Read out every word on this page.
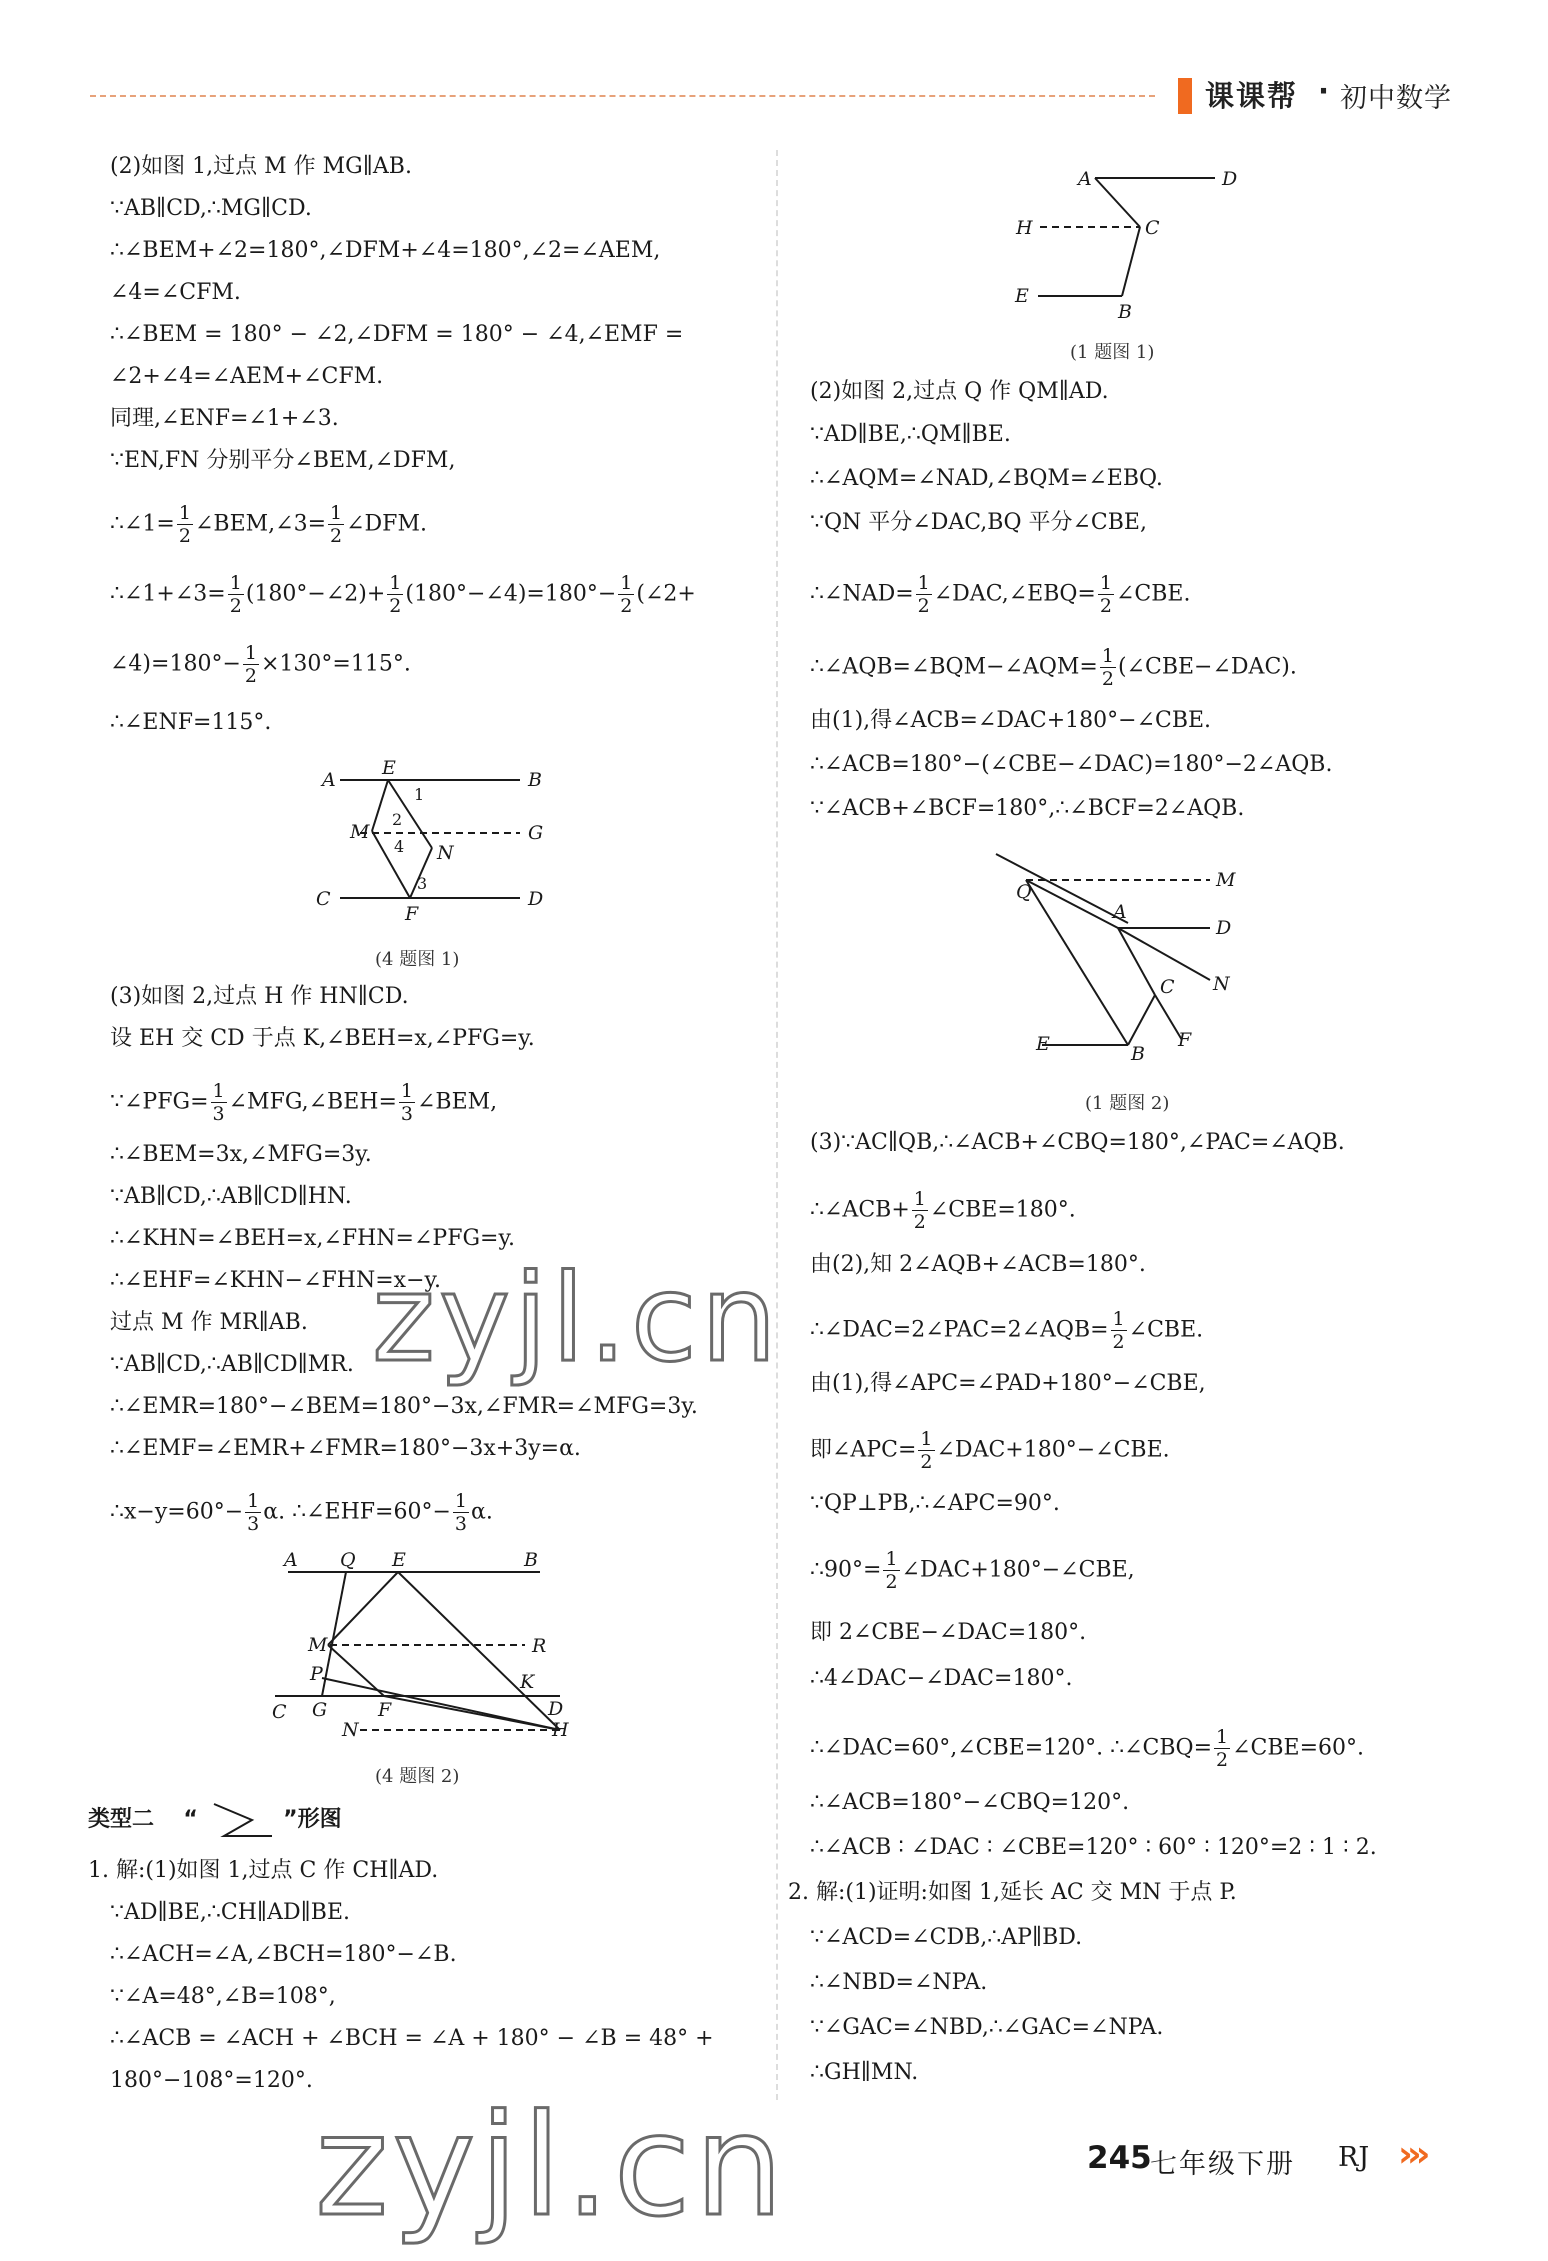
课课帮 · 初中数学
(2)如图 1,过点 M 作 MG∥AB.
∵AB∥CD,∴MG∥CD.
∴∠BEM+∠2=180°,∠DFM+∠4=180°,∠2=∠AEM,
∠4=∠CFM.
∴∠BEM = 180° − ∠2,∠DFM = 180° − ∠4,∠EMF =
∠2+∠4=∠AEM+∠CFM.
同理,∠ENF=∠1+∠3.
∵EN,FN 分别平分∠BEM,∠DFM,
∴∠1= $\frac{1}{2}$ ∠BEM,∠3= $\frac{1}{2}$ ∠DFM.
∴∠1+∠3= $\frac{1}{2}$ (180°−∠2)+ $\frac{1}{2}$ (180°−∠4)=180°− $\frac{1}{2}$ (∠2+
∠4)=180°− $\frac{1}{2} \times 130^\circ=115^\circ$.
∴∠ENF=115°.
A
E
B
M	G
N
C
F
D
1
2
3
4
(4 题图 1)
(3)如图 2,过点 H 作 HN∥CD.
设 EH 交 CD 于点 K,∠BEH=x,∠PFG=y.
∵∠PFG= $\frac{1}{3}$ ∠MFG,∠BEH= $\frac{1}{3}$ ∠BEM,
∴∠BEM=3x,∠MFG=3y.
∵AB∥CD,∴AB∥CD∥HN.
∴∠KHN=∠BEH=x,∠FHN=∠PFG=y.
∴∠EHF=∠KHN−∠FHN=x−y.
过点 M 作 MR∥AB.
∵AB∥CD,∴AB∥CD∥MR.
∴∠EMR=180°−∠BEM=180°−3x,∠FMR=∠MFG=3y.
∴∠EMF=∠EMR+∠FMR=180°−3x+3y=α.
∴x−y=60°− $\frac{1}{3} \alpha$. ∴∠EHF=60°− $\frac{1}{3} \alpha$.
A Q E	B
M	R
P	K
C G	F	D
N	H
(4 题图 2)
类型二 “	”形图
1. 解:(1)如图 1,过点 C 作 CH∥AD.
∵AD∥BE,∴CH∥AD∥BE.
∴∠ACH=∠A,∠BCH=180°−∠B.
∵∠A=48°,∠B=108°,
∴∠ACB = ∠ACH + ∠BCH = ∠A + 180° − ∠B = 48° +
180°−108°=120°.
A	D
H	C
E
B
(1 题图 1)
(2)如图 2,过点 Q 作 QM∥AD.
∵AD∥BE,∴QM∥BE.
∴∠AQM=∠NAD,∠BQM=∠EBQ.
∵QN 平分∠DAC,BQ 平分∠CBE,
∴∠NAD= $\frac{1}{2}$ ∠DAC,∠EBQ= $\frac{1}{2}$ ∠CBE.
∴∠AQB=∠BQM−∠AQM= $\frac{1}{2}$ (∠CBE−∠DAC).
由(1),得∠ACB=∠DAC+180°−∠CBE.
∴∠ACB=180°−(∠CBE−∠DAC)=180°−2∠AQB.
∵∠ACB+∠BCF=180°,∴∠BCF=2∠AQB.
Q
M
A
D
N
C
F
E	B
(1 题图 2)
(3)∵AC∥QB,∴∠ACB+∠CBQ=180°,∠PAC=∠AQB.
∴∠ACB+ $\frac{1}{2}$ ∠CBE=180°.
由(2),知 2∠AQB+∠ACB=180°.
∴∠DAC=2∠PAC=2∠AQB= $\frac{1}{2}$ ∠CBE.
由(1),得∠APC=∠PAD+180°−∠CBE,
即∠APC= $\frac{1}{2}$ ∠DAC+180°−∠CBE.
∵QP⊥PB,∴∠APC=90°.
∴90°= $\frac{1}{2}$ ∠DAC+180°−∠CBE,
即 2∠CBE−∠DAC=180°.
∴4∠DAC−∠DAC=180°.
∴∠DAC=60°,∠CBE=120°. ∴∠CBQ= $\frac{1}{2}$ ∠CBE=60°.
∴∠ACB=180°−∠CBQ=120°.
∴∠ACB ∶ ∠DAC ∶ ∠CBE=120° ∶ 60° ∶ 120°=2 ∶ 1 ∶ 2.
2. 解:(1)证明:如图 1,延长 AC 交 MN 于点 P.
∵∠ACD=∠CDB,∴AP∥BD.
∴∠NBD=∠NPA.
∵∠GAC=∠NBD,∴∠GAC=∠NPA.
∴GH∥MN.
zyjl.cn
zyjl.cn	245
七年级下册 RJ ›››
